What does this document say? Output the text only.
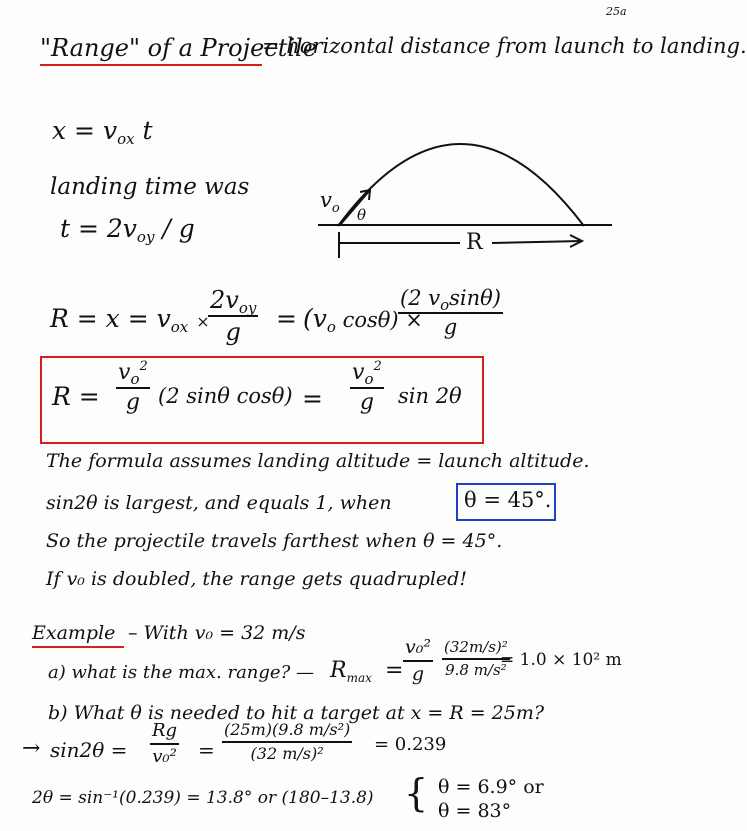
25a
"Range" of a Projectile
= horizontal distance from launch to landing.
$x = v_{ox}$ t
landing time was
$t = 2v_{oy} / g$
$v_o$ θ
R
$R = x = v_{ox}$ ×
$2v_{oy}$
g	= ($v_o$ cosθ) ×
(2 $v_o\sin\theta$)
g
R =
$v_o^2$
g (2 sinθ cosθ) =
$v_o^2$
g	sin 2θ
The formula assumes landing altitude = launch altitude.
sin2θ is largest, and equals 1, when	θ = 45°.
So the projectile travels farthest when θ = 45°.
If v₀ is doubled, the range gets quadrupled!
Example – With v₀ = 32 m/s
a) what is the max. range? — $R_{max}$ =
v₀²
g
(32m/s)²
9.8 m/s²
= 1.0 × 10² m
b) What θ is needed to hit a target at x = R = 25m?
→ sin2θ =
Rg
v₀² =
(25m)(9.8 m/s²)
(32 m/s)²	= 0.239
2θ = sin⁻¹(0.239) = 13.8° or (180–13.8) { θ = 6.9° or
θ = 83°
